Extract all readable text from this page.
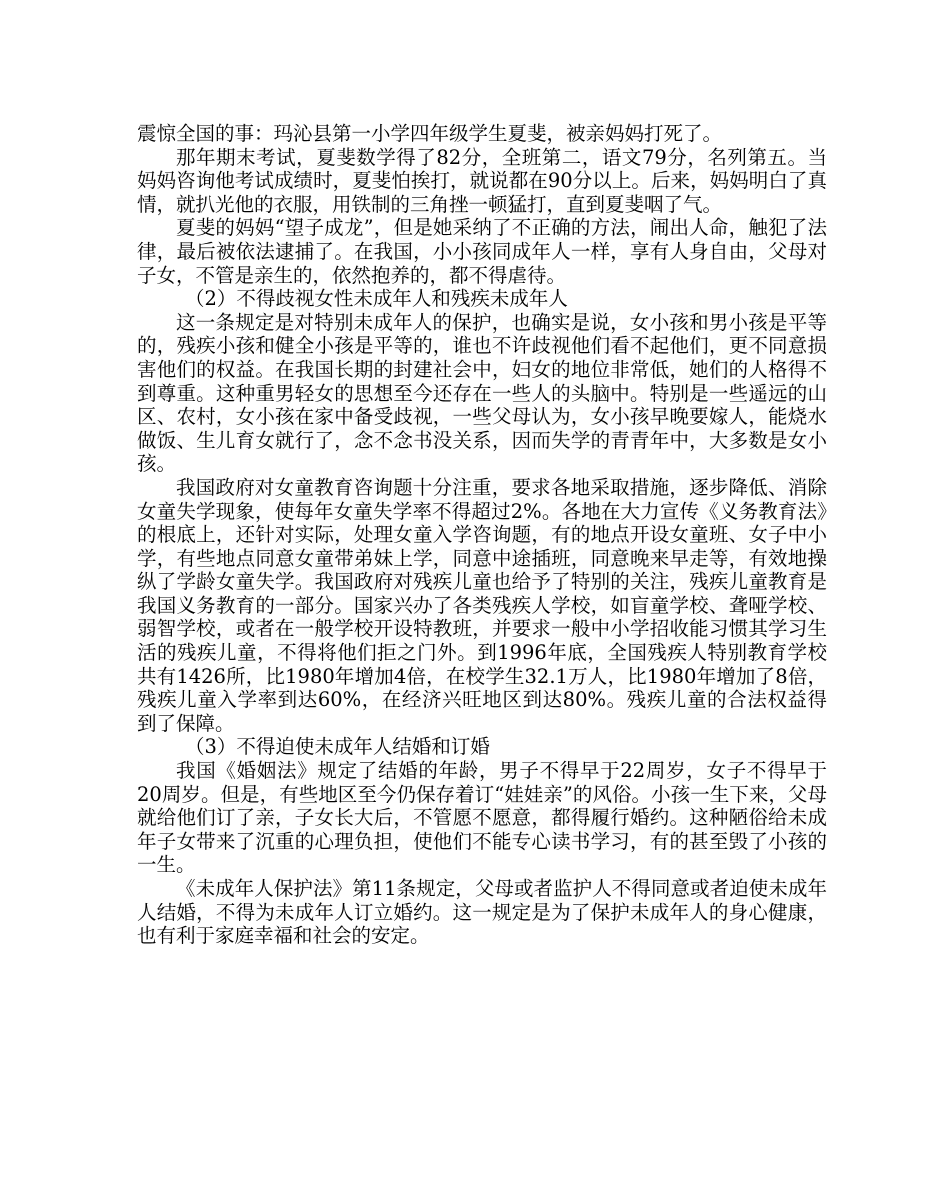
震惊全国的事：玛沁县第一小学四年级学生夏斐，被亲妈妈打死了。

那年期末考试，夏斐数学得了82分，全班第二，语文79分，名列第五。当妈妈咨询他考试成绩时，夏斐怕挨打，就说都在90分以上。后来，妈妈明白了真情，就扒光他的衣服，用铁制的三角挫一顿猛打，直到夏斐咽了气。

夏斐的妈妈“望子成龙”，但是她采纳了不正确的方法，闹出人命，触犯了法律，最后被依法逮捕了。在我国，小小孩同成年人一样，享有人身自由，父母对子女，不管是亲生的，依然抱养的，都不得虐待。

（2）不得歧视女性未成年人和残疾未成年人

这一条规定是对特别未成年人的保护，也确实是说，女小孩和男小孩是平等的，残疾小孩和健全小孩是平等的，谁也不许歧视他们看不起他们，更不同意损害他们的权益。在我国长期的封建社会中，妇女的地位非常低，她们的人格得不到尊重。这种重男轻女的思想至今还存在一些人的头脑中。特别是一些遥远的山区、农村，女小孩在家中备受歧视，一些父母认为，女小孩早晚要嫁人，能烧水做饭、生儿育女就行了，念不念书没关系，因而失学的青青年中，大多数是女小孩。

我国政府对女童教育咨询题十分注重，要求各地采取措施，逐步降低、消除女童失学现象，使每年女童失学率不得超过2%。各地在大力宣传《义务教育法》的根底上，还针对实际，处理女童入学咨询题，有的地点开设女童班、女子中小学，有些地点同意女童带弟妹上学，同意中途插班，同意晚来早走等，有效地操纵了学龄女童失学。我国政府对残疾儿童也给予了特别的关注，残疾儿童教育是我国义务教育的一部分。国家兴办了各类残疾人学校，如盲童学校、聋哑学校、弱智学校，或者在一般学校开设特教班，并要求一般中小学招收能习惯其学习生活的残疾儿童，不得将他们拒之门外。到1996年底，全国残疾人特别教育学校共有1426所，比1980年增加4倍，在校学生32.1万人，比1980年增加了8倍，残疾儿童入学率到达60%，在经济兴旺地区到达80%。残疾儿童的合法权益得到了保障。

（3）不得迫使未成年人结婚和订婚

我国《婚姻法》规定了结婚的年龄，男子不得早于22周岁，女子不得早于20周岁。但是，有些地区至今仍保存着订“娃娃亲”的风俗。小孩一生下来，父母就给他们订了亲，子女长大后，不管愿不愿意，都得履行婚约。这种陋俗给未成年子女带来了沉重的心理负担，使他们不能专心读书学习，有的甚至毁了小孩的一生。

《未成年人保护法》第11条规定，父母或者监护人不得同意或者迫使未成年人结婚，不得为未成年人订立婚约。这一规定是为了保护未成年人的身心健康，也有利于家庭幸福和社会的安定。
